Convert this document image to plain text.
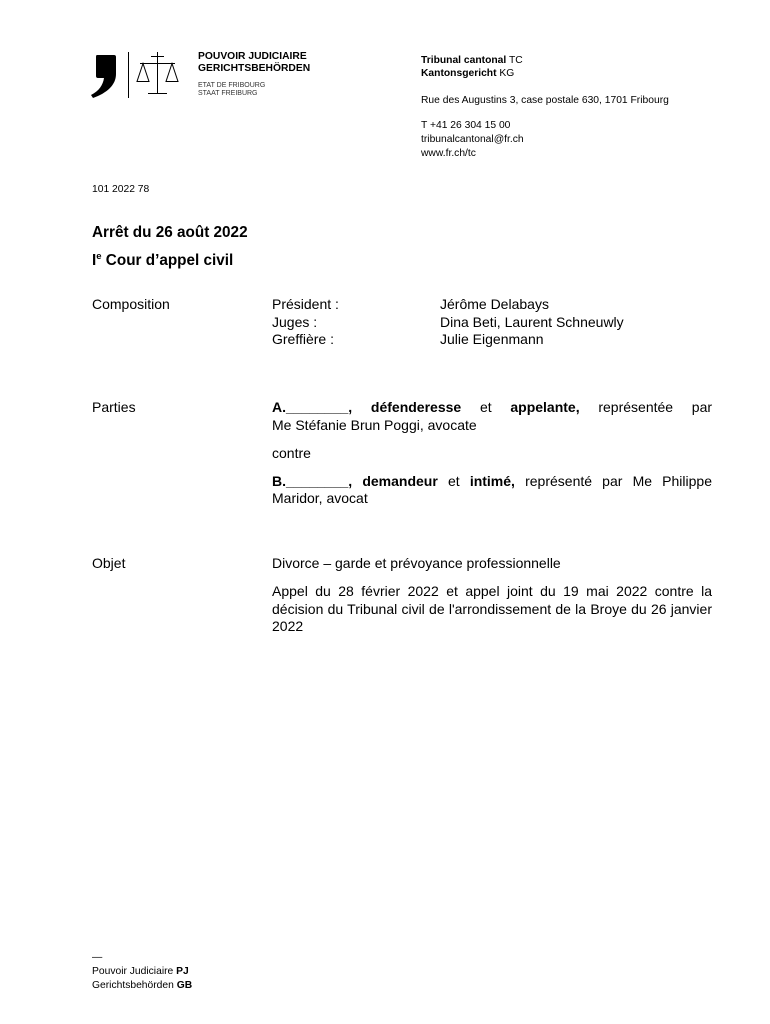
POUVOIR JUDICIAIRE
GERICHTSBEHÖRDEN
ETAT DE FRIBOURG
STAAT FREIBURG
Tribunal cantonal TC
Kantonsgericht KG
Rue des Augustins 3, case postale 630, 1701 Fribourg
T +41 26 304 15 00
tribunalcantonal@fr.ch
www.fr.ch/tc
101 2022 78
Arrêt du 26 août 2022
Ie Cour d’appel civil
Composition	Président :	Jérôme Delabays
Juges :	Dina Beti, Laurent Schneuwly
Greffière :	Julie Eigenmann
Parties	A.________, défenderesse et appelante, représentée par Me Stéfanie Brun Poggi, avocate

contre

B.________, demandeur et intimé, représenté par Me Philippe Maridor, avocat

Objet	Divorce – garde et prévoyance professionnelle

Appel du 28 février 2022 et appel joint du 19 mai 2022 contre la décision du Tribunal civil de l'arrondissement de la Broye du 26 janvier 2022

—
Pouvoir Judiciaire PJ
Gerichtsbehörden GB
